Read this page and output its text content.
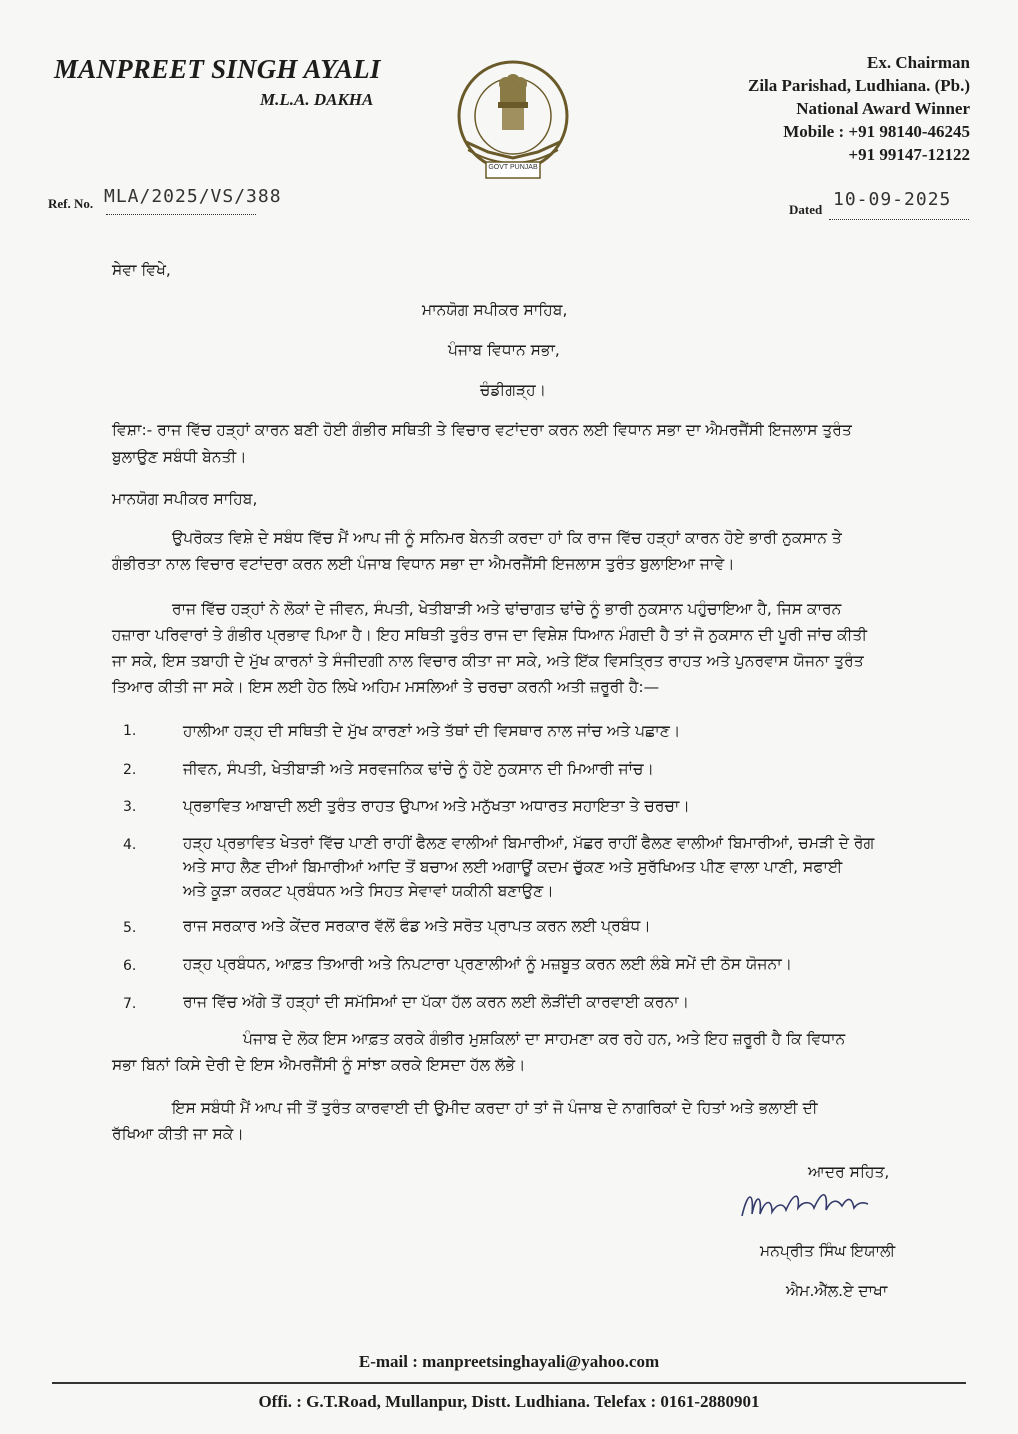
MANPREET SINGH AYALI
M.L.A. DAKHA
GOVT PUNJAB
Ex. Chairman
Zila Parishad, Ludhiana. (Pb.)
National Award Winner
Mobile : +91 98140-46245
+91 99147-12122
Ref. No. MLA/2025/VS/388
Dated 10-09-2025
ਸੇਵਾ ਵਿਖੇ,
ਮਾਨਯੋਗ ਸਪੀਕਰ ਸਾਹਿਬ,
ਪੰਜਾਬ ਵਿਧਾਨ ਸਭਾ,
ਚੰਡੀਗੜ੍ਹ।
ਵਿਸ਼ਾ:- ਰਾਜ ਵਿੱਚ ਹੜ੍ਹਾਂ ਕਾਰਨ ਬਣੀ ਹੋਈ ਗੰਭੀਰ ਸਥਿਤੀ ਤੇ ਵਿਚਾਰ ਵਟਾਂਦਰਾ ਕਰਨ ਲਈ ਵਿਧਾਨ ਸਭਾ ਦਾ ਐਮਰਜੈਂਸੀ ਇਜਲਾਸ ਤੁਰੰਤ
ਬੁਲਾਉਣ ਸਬੰਧੀ ਬੇਨਤੀ।
ਮਾਨਯੋਗ ਸਪੀਕਰ ਸਾਹਿਬ,
ਉਪਰੋਕਤ ਵਿਸ਼ੇ ਦੇ ਸਬੰਧ ਵਿੱਚ ਮੈਂ ਆਪ ਜੀ ਨੂੰ ਸਨਿਮਰ ਬੇਨਤੀ ਕਰਦਾ ਹਾਂ ਕਿ ਰਾਜ ਵਿੱਚ ਹੜ੍ਹਾਂ ਕਾਰਨ ਹੋਏ ਭਾਰੀ ਨੁਕਸਾਨ ਤੇ
ਗੰਭੀਰਤਾ ਨਾਲ ਵਿਚਾਰ ਵਟਾਂਦਰਾ ਕਰਨ ਲਈ ਪੰਜਾਬ ਵਿਧਾਨ ਸਭਾ ਦਾ ਐਮਰਜੈਂਸੀ ਇਜਲਾਸ ਤੁਰੰਤ ਬੁਲਾਇਆ ਜਾਵੇ।
ਰਾਜ ਵਿੱਚ ਹੜ੍ਹਾਂ ਨੇ ਲੋਕਾਂ ਦੇ ਜੀਵਨ, ਸੰਪਤੀ, ਖੇਤੀਬਾੜੀ ਅਤੇ ਢਾਂਚਾਗਤ ਢਾਂਚੇ ਨੂੰ ਭਾਰੀ ਨੁਕਸਾਨ ਪਹੁੰਚਾਇਆ ਹੈ, ਜਿਸ ਕਾਰਨ
ਹਜ਼ਾਰਾ ਪਰਿਵਾਰਾਂ ਤੇ ਗੰਭੀਰ ਪ੍ਰਭਾਵ ਪਿਆ ਹੈ। ਇਹ ਸਥਿਤੀ ਤੁਰੰਤ ਰਾਜ ਦਾ ਵਿਸ਼ੇਸ਼ ਧਿਆਨ ਮੰਗਦੀ ਹੈ ਤਾਂ ਜੋ ਨੁਕਸਾਨ ਦੀ ਪੂਰੀ ਜਾਂਚ ਕੀਤੀ
ਜਾ ਸਕੇ, ਇਸ ਤਬਾਹੀ ਦੇ ਮੁੱਖ ਕਾਰਨਾਂ ਤੇ ਸੰਜੀਦਗੀ ਨਾਲ ਵਿਚਾਰ ਕੀਤਾ ਜਾ ਸਕੇ, ਅਤੇ ਇੱਕ ਵਿਸਤ੍ਰਿਤ ਰਾਹਤ ਅਤੇ ਪੁਨਰਵਾਸ ਯੋਜਨਾ ਤੁਰੰਤ
ਤਿਆਰ ਕੀਤੀ ਜਾ ਸਕੇ। ਇਸ ਲਈ ਹੇਠ ਲਿਖੇ ਅਹਿਮ ਮਸਲਿਆਂ ਤੇ ਚਰਚਾ ਕਰਨੀ ਅਤੀ ਜ਼ਰੂਰੀ ਹੈ:—
1.	ਹਾਲੀਆ ਹੜ੍ਹ ਦੀ ਸਥਿਤੀ ਦੇ ਮੁੱਖ ਕਾਰਣਾਂ ਅਤੇ ਤੱਥਾਂ ਦੀ ਵਿਸਥਾਰ ਨਾਲ ਜਾਂਚ ਅਤੇ ਪਛਾਣ।
2.	ਜੀਵਨ, ਸੰਪਤੀ, ਖੇਤੀਬਾੜੀ ਅਤੇ ਸਰਵਜਨਿਕ ਢਾਂਚੇ ਨੂੰ ਹੋਏ ਨੁਕਸਾਨ ਦੀ ਮਿਆਰੀ ਜਾਂਚ।
3.	ਪ੍ਰਭਾਵਿਤ ਆਬਾਦੀ ਲਈ ਤੁਰੰਤ ਰਾਹਤ ਉਪਾਅ ਅਤੇ ਮਨੁੱਖਤਾ ਅਧਾਰਤ ਸਹਾਇਤਾ ਤੇ ਚਰਚਾ।
4.	ਹੜ੍ਹ ਪ੍ਰਭਾਵਿਤ ਖੇਤਰਾਂ ਵਿੱਚ ਪਾਣੀ ਰਾਹੀਂ ਫੈਲਣ ਵਾਲੀਆਂ ਬਿਮਾਰੀਆਂ, ਮੱਛਰ ਰਾਹੀਂ ਫੈਲਣ ਵਾਲੀਆਂ ਬਿਮਾਰੀਆਂ, ਚਮੜੀ ਦੇ ਰੋਗ
ਅਤੇ ਸਾਹ ਲੈਣ ਦੀਆਂ ਬਿਮਾਰੀਆਂ ਆਦਿ ਤੋਂ ਬਚਾਅ ਲਈ ਅਗਾਊਂ ਕਦਮ ਚੁੱਕਣ ਅਤੇ ਸੁਰੱਖਿਅਤ ਪੀਣ ਵਾਲਾ ਪਾਣੀ, ਸਫਾਈ
ਅਤੇ ਕੂੜਾ ਕਰਕਟ ਪ੍ਰਬੰਧਨ ਅਤੇ ਸਿਹਤ ਸੇਵਾਵਾਂ ਯਕੀਨੀ ਬਣਾਉਣ।
5.	ਰਾਜ ਸਰਕਾਰ ਅਤੇ ਕੇਂਦਰ ਸਰਕਾਰ ਵੱਲੋਂ ਫੰਡ ਅਤੇ ਸਰੋਤ ਪ੍ਰਾਪਤ ਕਰਨ ਲਈ ਪ੍ਰਬੰਧ।
6.	ਹੜ੍ਹ ਪ੍ਰਬੰਧਨ, ਆਫ਼ਤ ਤਿਆਰੀ ਅਤੇ ਨਿਪਟਾਰਾ ਪ੍ਰਣਾਲੀਆਂ ਨੂੰ ਮਜ਼ਬੂਤ ਕਰਨ ਲਈ ਲੰਬੇ ਸਮੇਂ ਦੀ ਠੋਸ ਯੋਜਨਾ।
7.	ਰਾਜ ਵਿੱਚ ਅੱਗੇ ਤੋਂ ਹੜ੍ਹਾਂ ਦੀ ਸਮੱਸਿਆਂ ਦਾ ਪੱਕਾ ਹੱਲ ਕਰਨ ਲਈ ਲੋੜੀਂਦੀ ਕਾਰਵਾਈ ਕਰਨਾ।
ਪੰਜਾਬ ਦੇ ਲੋਕ ਇਸ ਆਫ਼ਤ ਕਰਕੇ ਗੰਭੀਰ ਮੁਸ਼ਕਿਲਾਂ ਦਾ ਸਾਹਮਣਾ ਕਰ ਰਹੇ ਹਨ, ਅਤੇ ਇਹ ਜ਼ਰੂਰੀ ਹੈ ਕਿ ਵਿਧਾਨ
ਸਭਾ ਬਿਨਾਂ ਕਿਸੇ ਦੇਰੀ ਦੇ ਇਸ ਐਮਰਜੈਂਸੀ ਨੂੰ ਸਾਂਝਾ ਕਰਕੇ ਇਸਦਾ ਹੱਲ ਲੱਭੇ।
ਇਸ ਸਬੰਧੀ ਮੈਂ ਆਪ ਜੀ ਤੋਂ ਤੁਰੰਤ ਕਾਰਵਾਈ ਦੀ ਉਮੀਦ ਕਰਦਾ ਹਾਂ ਤਾਂ ਜੋ ਪੰਜਾਬ ਦੇ ਨਾਗਰਿਕਾਂ ਦੇ ਹਿਤਾਂ ਅਤੇ ਭਲਾਈ ਦੀ
ਰੱਖਿਆ ਕੀਤੀ ਜਾ ਸਕੇ।
ਆਦਰ ਸਹਿਤ,
ਮਨਪ੍ਰੀਤ ਸਿੰਘ ਇਯਾਲੀ
ਐਮ.ਐੱਲ.ਏ ਦਾਖਾ
E-mail : manpreetsinghayali@yahoo.com
Offi. : G.T.Road, Mullanpur, Distt. Ludhiana. Telefax : 0161-2880901
